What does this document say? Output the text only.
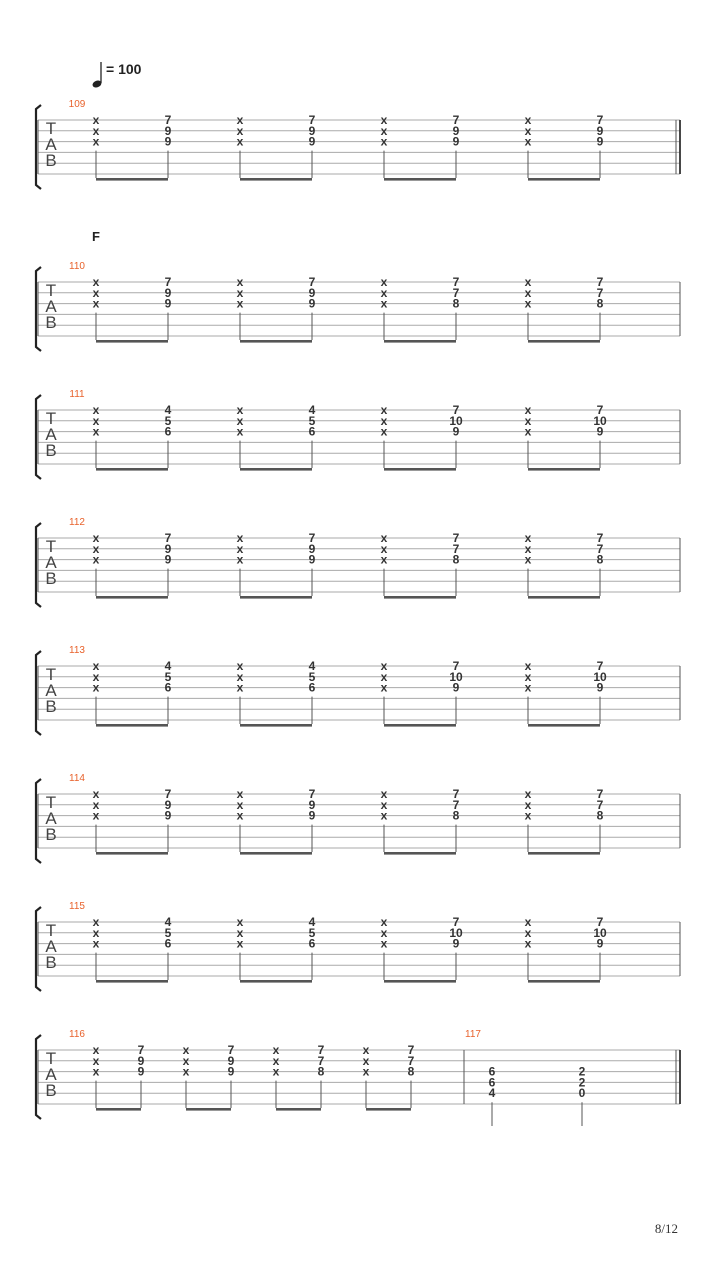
= 100
T
A
B
109
x	7
x	9
x	9
x	7
x	9
x	9
x	7
x	9
x	9
x	7
x	9
x	9
T
A
B
110
F
x	7
x	9
x	9
x	7
x	9
x	9
x	7
x	7
x	8
x	7
x	7
x	8
T
A
B
111
x	4
x	5
x	6
x	4
x	5
x	6
x	7
x	10
x	9
x	7
x	10
x	9
T
A
B
112
x	7
x	9
x	9
x	7
x	9
x	9
x	7
x	7
x	8
x	7
x	7
x	8
T
A
B
113
x	4
x	5
x	6
x	4
x	5
x	6
x	7
x	10
x	9
x	7
x	10
x	9
T
A
B
114
x	7
x	9
x	9
x	7
x	9
x	9
x	7
x	7
x	8
x	7
x	7
x	8
T
A
B
115
x	4
x	5
x	6
x	4
x	5
x	6
x	7
x	10
x	9
x	7
x	10
x	9
T
A
B
116
x	7
x	9
x	9
x	7
x	9
x	9
x	7
x	7
x	8
x	7
x	7
x	8
117
6
6
4
2
2
0
8/12
